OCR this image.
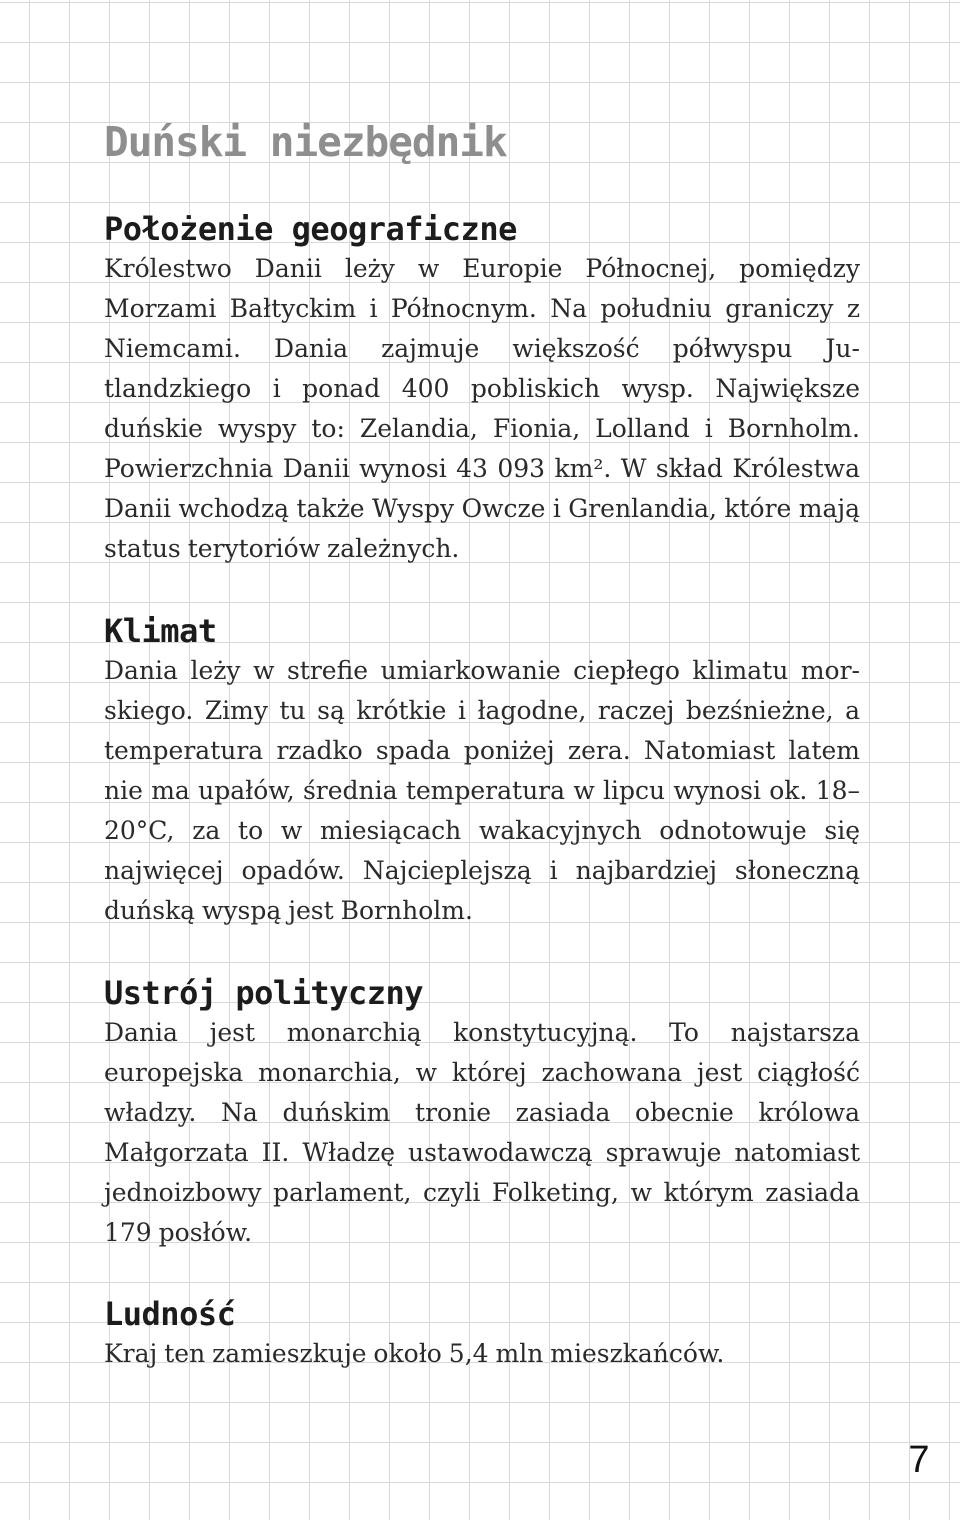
Duński niezbędnik
Położenie geograficzne

Królestwo Danii leży w Europie Północnej, pomiędzy Morzami Bałtyckim i Północnym. Na południu graniczy z Niemcami. Dania zajmuje większość półwyspu Jutlandzkiego i ponad 400 pobliskich wysp. Największe duńskie wyspy to: Zelandia, Fionia, Lolland i Bornholm. Powierzchnia Danii wynosi 43 093 km². W skład Królestwa Danii wchodzą także Wyspy Owcze i Grenlandia, które mają status terytoriów zależnych.

Klimat

Dania leży w strefie umiarkowanie ciepłego klimatu morskiego. Zimy tu są krótkie i łagodne, raczej bezśnieżne, a temperatura rzadko spada poniżej zera. Natomiast latem nie ma upałów, średnia temperatura w lipcu wynosi ok. 18–20°C, za to w miesiącach wakacyjnych odnotowuje się najwięcej opadów. Najcieplejszą i najbardziej słoneczną duńską wyspą jest Bornholm.

Ustrój polityczny

Dania jest monarchią konstytucyjną. To najstarsza europejska monarchia, w której zachowana jest ciągłość władzy. Na duńskim tronie zasiada obecnie królowa Małgorzata II. Władzę ustawodawczą sprawuje natomiast jednoizbowy parlament, czyli Folketing, w którym zasiada 179 posłów.

Ludność

Kraj ten zamieszkuje około 5,4 mln mieszkańców.

7
